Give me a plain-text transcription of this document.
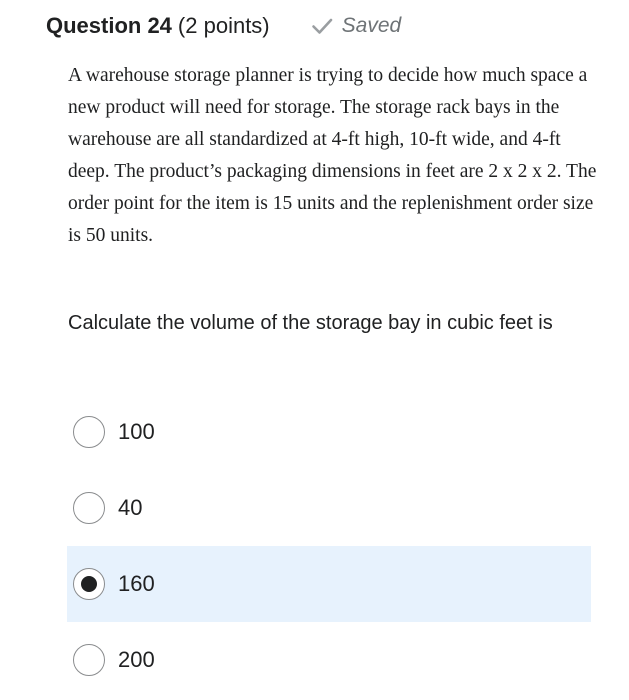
Question 24 (2 points)	Saved
A warehouse storage planner is trying to decide how much space a new product will need for storage. The storage rack bays in the warehouse are all standardized at 4-ft high, 10-ft wide, and 4-ft deep. The product’s packaging dimensions in feet are 2 x 2 x 2. The order point for the item is 15 units and the replenishment order size is 50 units.
Calculate the volume of the storage bay in cubic feet is
100
40
160
200
